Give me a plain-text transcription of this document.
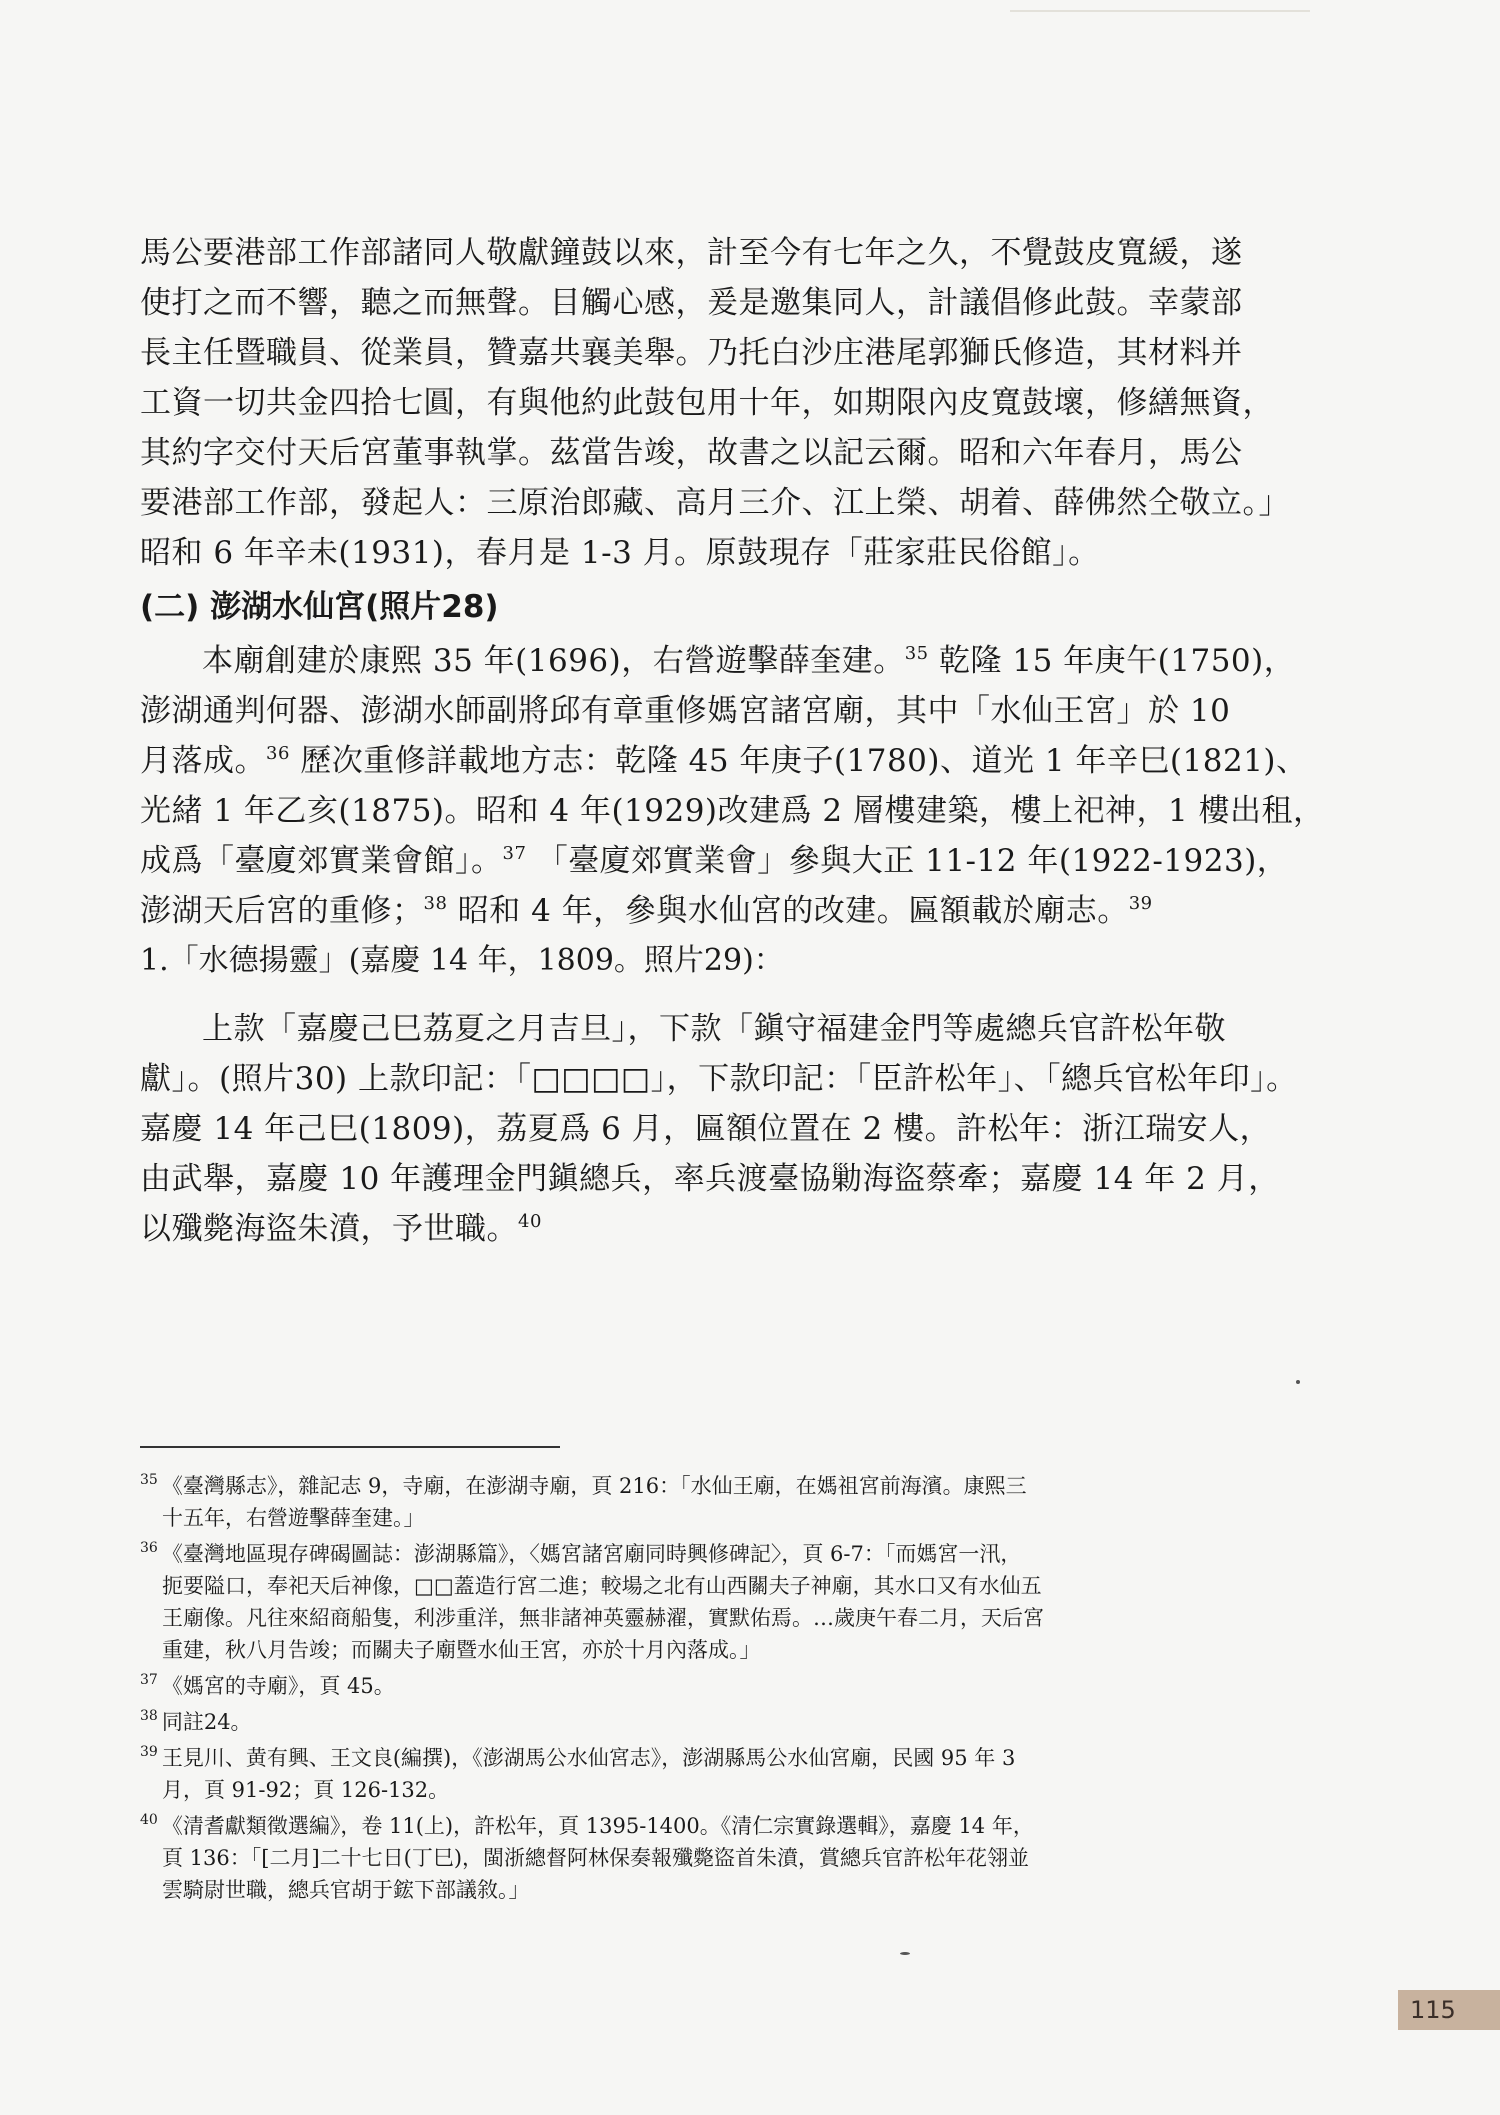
馬公要港部工作部諸同人敬獻鐘鼓以來，計至今有七年之久，不覺鼓皮寬緩，遂
使打之而不響，聽之而無聲。目觸心感，爰是邀集同人，計議倡修此鼓。幸蒙部
長主任暨職員、從業員，贊嘉共襄美舉。乃托白沙庄港尾郭獅氏修造，其材料并
工資一切共金四拾七圓，有與他約此鼓包用十年，如期限內皮寬鼓壞，修繕無資，
其約字交付天后宮董事執掌。茲當告竣，故書之以記云爾。昭和六年春月，馬公
要港部工作部，發起人：三原治郎藏、高月三介、江上榮、胡着、薛佛然仝敬立。」
昭和 6 年辛未(1931)，春月是 1-3 月。原鼓現存「莊家莊民俗館」。
(二) 澎湖水仙宮(照片28)
本廟創建於康熙 35 年(1696)，右營遊擊薛奎建。$^{35}$ 乾隆 15 年庚午(1750)，
澎湖通判何器、澎湖水師副將邱有章重修媽宮諸宮廟，其中「水仙王宮」於 10
月落成。$^{36}$ 歷次重修詳載地方志：乾隆 45 年庚子(1780)、道光 1 年辛巳(1821)、
光緒 1 年乙亥(1875)。昭和 4 年(1929)改建爲 2 層樓建築，樓上祀神，1 樓出租，
成爲「臺廈郊實業會館」。$^{37}$ 「臺廈郊實業會」參與大正 11-12 年(1922-1923)，
澎湖天后宮的重修；$^{38}$ 昭和 4 年，參與水仙宮的改建。匾額載於廟志。$^{39}$
1.「水德揚靈」(嘉慶 14 年，1809。照片29)：
上款「嘉慶己巳荔夏之月吉旦」，下款「鎭守福建金門等處總兵官許松年敬
獻」。(照片30) 上款印記：「□□□□」，下款印記：「臣許松年」、「總兵官松年印」。
嘉慶 14 年己巳(1809)，荔夏爲 6 月，匾額位置在 2 樓。許松年：浙江瑞安人，
由武舉，嘉慶 10 年護理金門鎭總兵，率兵渡臺協勦海盜蔡牽；嘉慶 14 年 2 月，
以殲斃海盜朱濆，予世職。$^{40}$
$^{35}$ 《臺灣縣志》，雜記志 9，寺廟，在澎湖寺廟，頁 216：「水仙王廟，在媽祖宮前海濱。康熙三
十五年，右營遊擊薛奎建。」
$^{36}$ 《臺灣地區現存碑碣圖誌：澎湖縣篇》，〈媽宮諸宮廟同時興修碑記〉，頁 6-7：「而媽宮一汛，
扼要隘口，奉祀天后神像，□□蓋造行宮二進；較場之北有山西關夫子神廟，其水口又有水仙五
王廟像。凡往來紹商船隻，利涉重洋，無非諸神英靈赫濯，實默佑焉。…歲庚午春二月，天后宮
重建，秋八月告竣；而關夫子廟暨水仙王宮，亦於十月內落成。」
$^{37}$ 《媽宮的寺廟》，頁 45。
$^{38}$ 同註24。
$^{39}$ 王見川、黄有興、王文良(編撰)，《澎湖馬公水仙宮志》，澎湖縣馬公水仙宮廟，民國 95 年 3
月，頁 91-92；頁 126-132。
$^{40}$ 《清耆獻類徵選編》，卷 11(上)，許松年，頁 1395-1400。《清仁宗實錄選輯》，嘉慶 14 年，
頁 136：「[二月]二十七日(丁巳)，閩浙總督阿林保奏報殲斃盜首朱濆，賞總兵官許松年花翎並
雲騎尉世職，總兵官胡于鋐下部議敘。」
115
